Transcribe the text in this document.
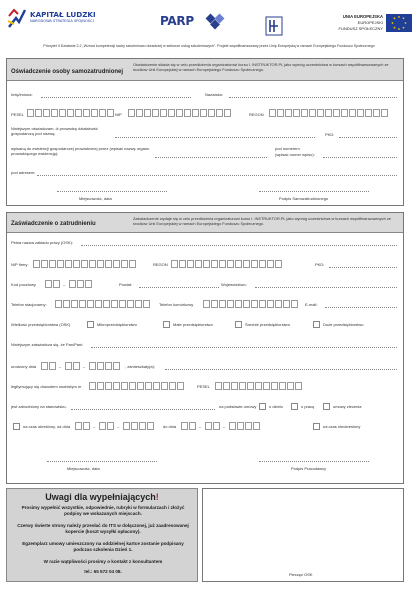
KAPITAŁ LUDZKI
NARODOWA STRATEGIA SPÓJNOŚCI	PARP	UNIA EUROPEJSKA
EUROPEJSKI
FUNDUSZ SPOŁECZNY
Priorytet II Działanie 2.2 „Wzrost kompetencji kadry szkoleniowo doradczej w sektorze usług szkoleniowych”. Projekt współfinansowany przez Unię Europejską w ramach Europejskiego Funduszu Społecznego
Oświadczenie osoby samozatrudnionej
Oświadczenie składa się w celu przedłożenia organizatorowi kursu I. INSTRUKTOR.PL jako wymóg uczestnictwa w kursach współfinansowanych ze środków Unii Europejskiej w ramach Europejskiego Funduszu Społecznego.
Imię/imiona:	Nazwisko:
PESEL	NIP	REGON
Niniejszym oświadczam, iż prowadzę działalność gospodarczą pod nazwą:	PKD:
wpisaną do ewidencji gospodarczej prowadzonej przez (wpisać nazwę organu prowadzącego ewidencję):
pod numerem
(wpisać numer wpisu):
pod adresem:
Miejscowość, data	Podpis Samozatrudnionego
Zaświadczenie o zatrudnieniu
Zaświadczenie wydaje się w celu przedłożenia organizatorowi kursu I. INSTRUKTOR.PL jako wymóg uczestnictwa w kursach współfinansowanych ze środków Unii Europejskiej w ramach Europejskiego Funduszu Społecznego.
Pełna nazwa zakładu pracy (OSK):
NIP firmy:	REGON	PKD:
Kod pocztowy	–	Powiat:	Województwo:
Telefon stacjonarny:	Telefon komórkowy	E-mail:
Wielkość przedsiębiorstwa (OSK)	Mikroprzedsiębiorstwo	Małe przedsiębiorstwo	Średnie przedsiębiorstwo	Duże przedsiębiorstwo
Niniejszym zaświadcza się, że Pan/Pani:
urodzony dnia	–	–	, zamieszkały(a):
legitymujący się dowodem osobistym nr	PESEL
jest zatrudniony na stanowisku:	na podstawie umowy	o dzieło	o pracę	umowy zlecenia
na czas określony, od dnia	–	–	do dnia	–	–	na czas nieokreślony
Miejscowość, data	Podpis Pracodawcy
Uwagi dla wypełniających!
Prosimy wypełnić wszystkie, odpowiednie, rubryki w formularzach i złożyć podpisy we wskazanych miejscach.
Czerwy świerte strony należy przesłać do ITS w dołączonej, już zaadresowanej kopercie (koszt wysyłki opłacony).
Egzemplarz umowy umieszczony na oddzielnej kartce zostanie podpisany podczas szkolenia Dzień 1.
W razie wątpliwości prosimy o kontakt z konsultantem
tel.: 65 572 04 08.
Pieczęć OSK
